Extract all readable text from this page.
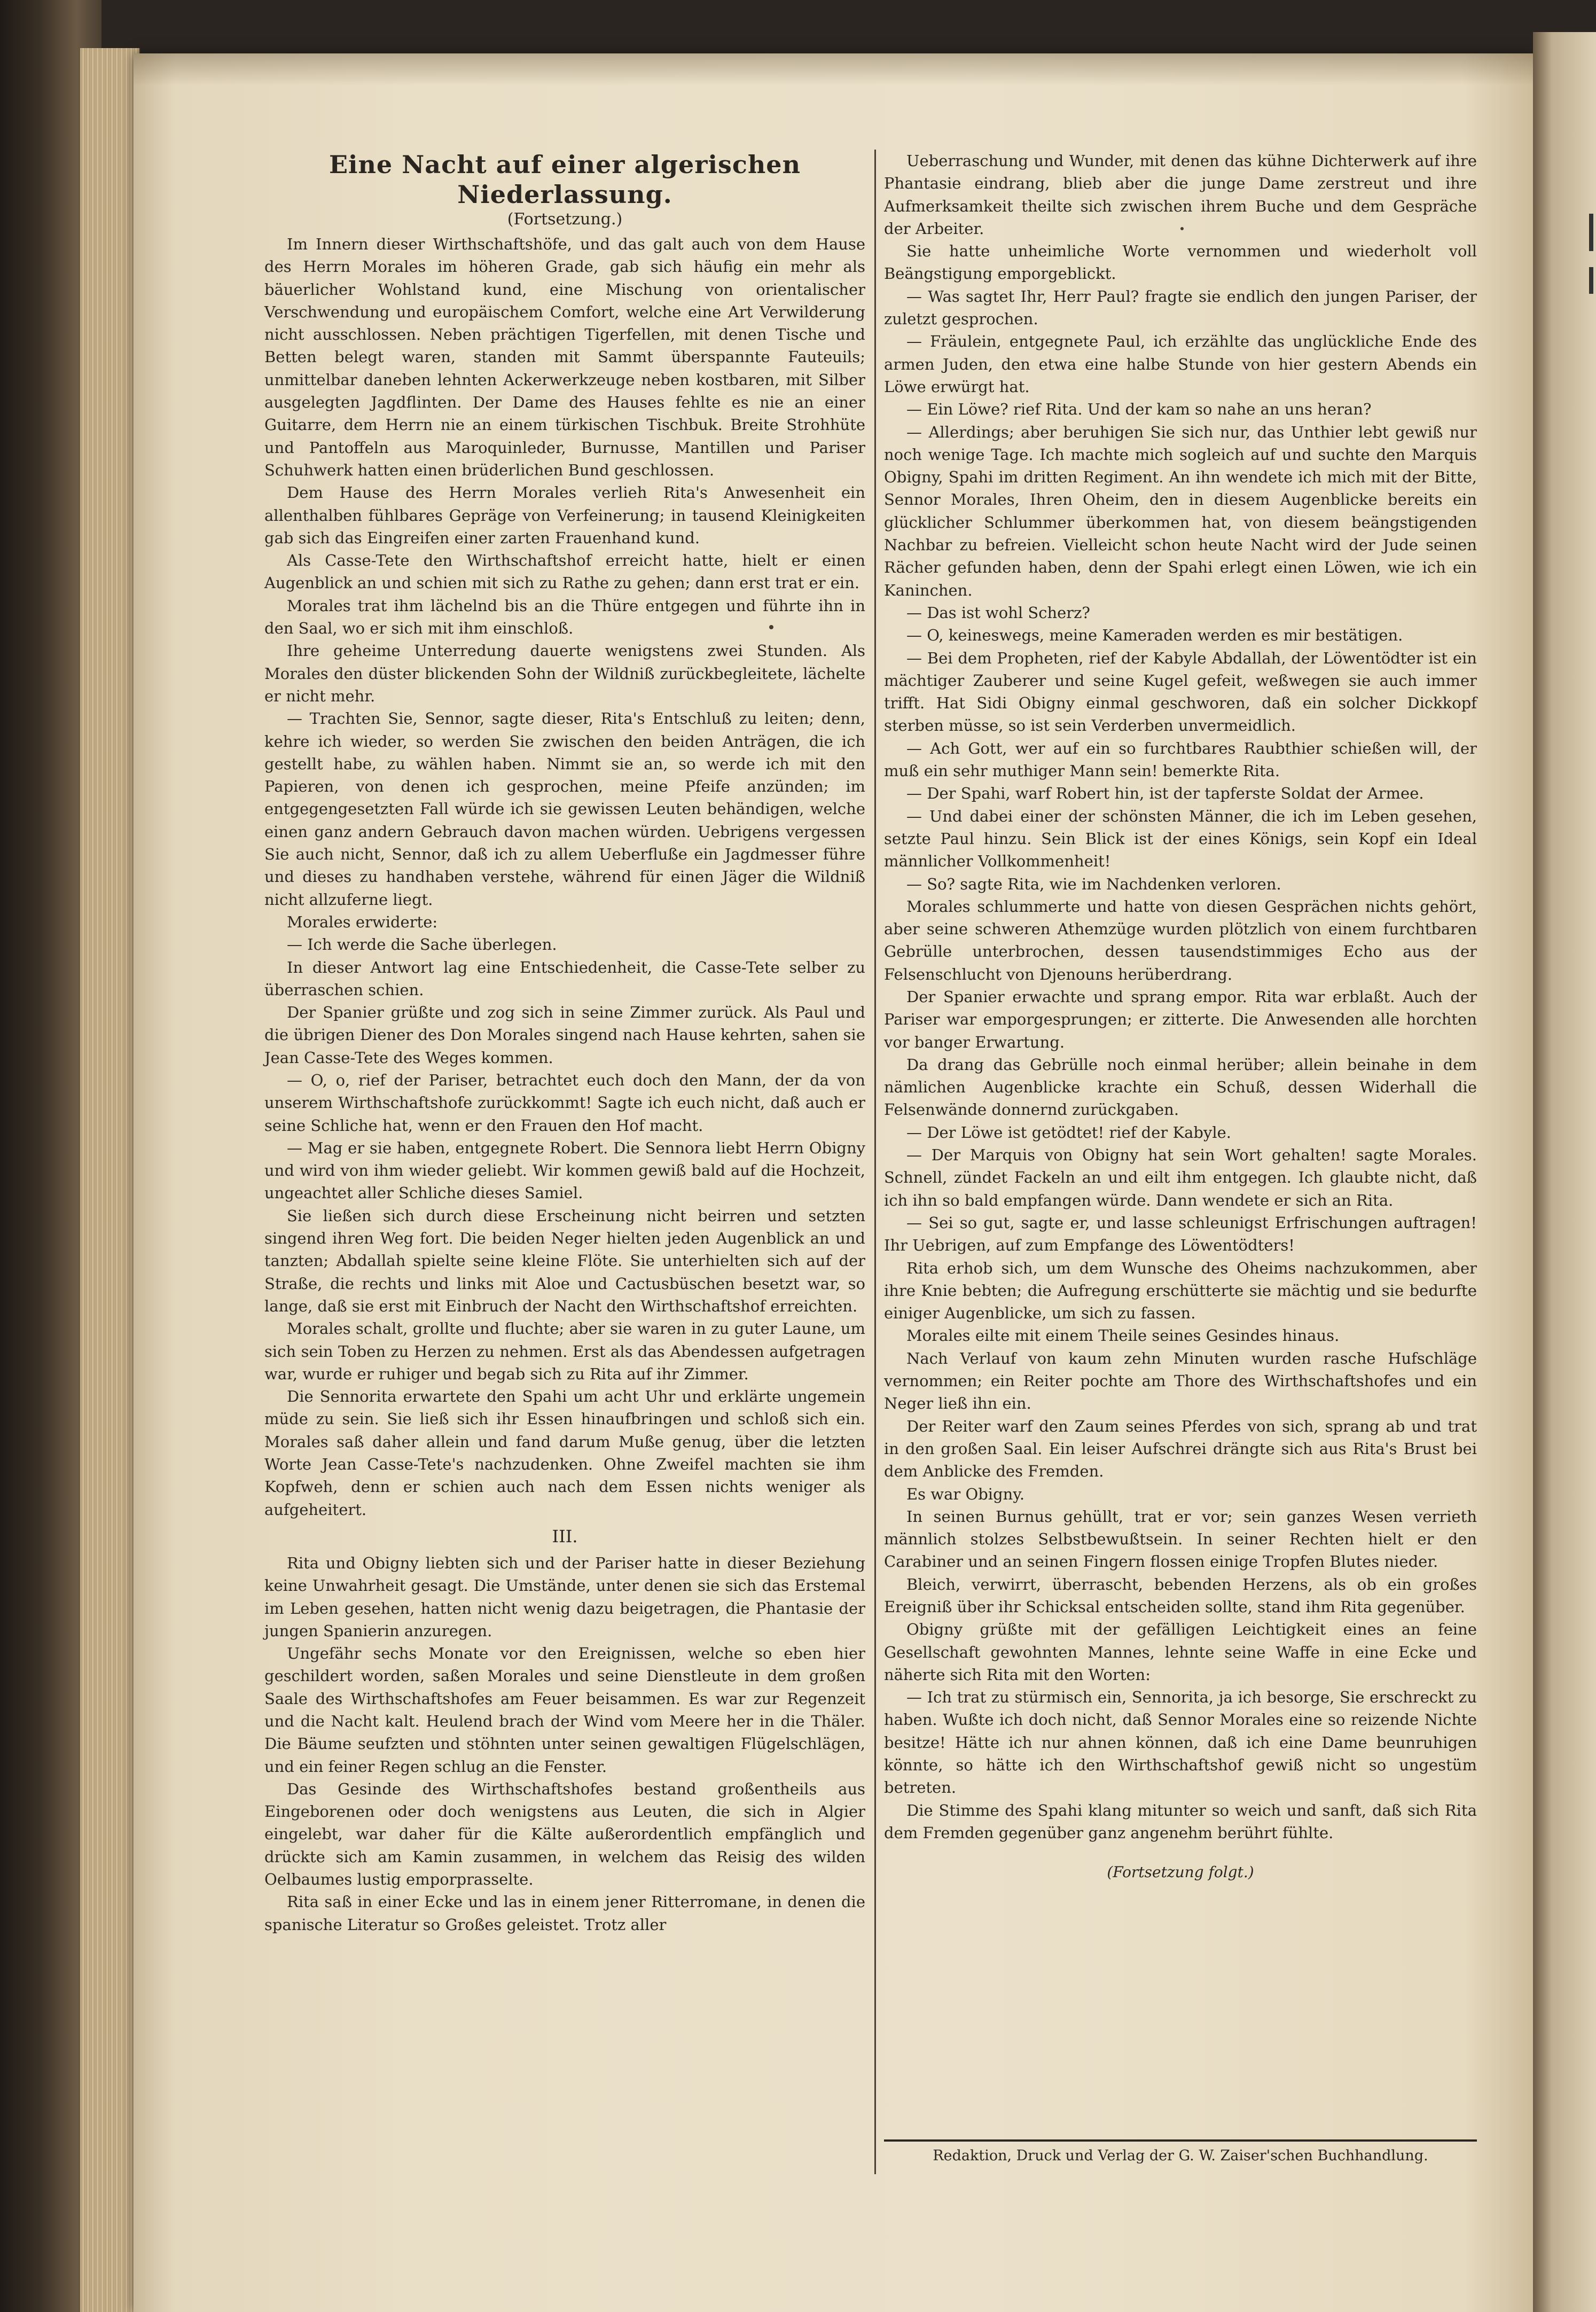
Eine Nacht auf einer algerischen Niederlassung.
(Fortsetzung.)

Im Innern dieser Wirthschaftshöfe, und das galt auch von dem Hause des Herrn Morales im höheren Grade, gab sich häufig ein mehr als bäuerlicher Wohlstand kund, eine Mischung von orientalischer Verschwendung und europäischem Comfort, welche eine Art Verwilderung nicht ausschlossen. Neben prächtigen Tigerfellen, mit denen Tische und Betten belegt waren, standen mit Sammt überspannte Fauteuils; unmittelbar daneben lehnten Ackerwerkzeuge neben kostbaren, mit Silber ausgelegten Jagdflinten. Der Dame des Hauses fehlte es nie an einer Guitarre, dem Herrn nie an einem türkischen Tischbuk. Breite Strohhüte und Pantoffeln aus Maroquinleder, Burnusse, Mantillen und Pariser Schuhwerk hatten einen brüderlichen Bund geschlossen.

Dem Hause des Herrn Morales verlieh Rita's Anwesenheit ein allenthalben fühlbares Gepräge von Verfeinerung; in tausend Kleinigkeiten gab sich das Eingreifen einer zarten Frauenhand kund.

Als Casse-Tete den Wirthschaftshof erreicht hatte, hielt er einen Augenblick an und schien mit sich zu Rathe zu gehen; dann erst trat er ein.

Morales trat ihm lächelnd bis an die Thüre entgegen und führte ihn in den Saal, wo er sich mit ihm einschloß.

Ihre geheime Unterredung dauerte wenigstens zwei Stunden. Als Morales den düster blickenden Sohn der Wildniß zurückbegleitete, lächelte er nicht mehr.

— Trachten Sie, Sennor, sagte dieser, Rita's Entschluß zu leiten; denn, kehre ich wieder, so werden Sie zwischen den beiden Anträgen, die ich gestellt habe, zu wählen haben. Nimmt sie an, so werde ich mit den Papieren, von denen ich gesprochen, meine Pfeife anzünden; im entgegengesetzten Fall würde ich sie gewissen Leuten behändigen, welche einen ganz andern Gebrauch davon machen würden. Uebrigens vergessen Sie auch nicht, Sennor, daß ich zu allem Ueberfluße ein Jagdmesser führe und dieses zu handhaben verstehe, während für einen Jäger die Wildniß nicht allzuferne liegt.

Morales erwiderte:

— Ich werde die Sache überlegen.

In dieser Antwort lag eine Entschiedenheit, die Casse-Tete selber zu überraschen schien.

Der Spanier grüßte und zog sich in seine Zimmer zurück. Als Paul und die übrigen Diener des Don Morales singend nach Hause kehrten, sahen sie Jean Casse-Tete des Weges kommen.

— O, o, rief der Pariser, betrachtet euch doch den Mann, der da von unserem Wirthschaftshofe zurückkommt! Sagte ich euch nicht, daß auch er seine Schliche hat, wenn er den Frauen den Hof macht.

— Mag er sie haben, entgegnete Robert. Die Sennora liebt Herrn Obigny und wird von ihm wieder geliebt. Wir kommen gewiß bald auf die Hochzeit, ungeachtet aller Schliche dieses Samiel.

Sie ließen sich durch diese Erscheinung nicht beirren und setzten singend ihren Weg fort. Die beiden Neger hielten jeden Augenblick an und tanzten; Abdallah spielte seine kleine Flöte. Sie unterhielten sich auf der Straße, die rechts und links mit Aloe und Cactusbüschen besetzt war, so lange, daß sie erst mit Einbruch der Nacht den Wirthschaftshof erreichten.

Morales schalt, grollte und fluchte; aber sie waren in zu guter Laune, um sich sein Toben zu Herzen zu nehmen. Erst als das Abendessen aufgetragen war, wurde er ruhiger und begab sich zu Rita auf ihr Zimmer.

Die Sennorita erwartete den Spahi um acht Uhr und erklärte ungemein müde zu sein. Sie ließ sich ihr Essen hinaufbringen und schloß sich ein. Morales saß daher allein und fand darum Muße genug, über die letzten Worte Jean Casse-Tete's nachzudenken. Ohne Zweifel machten sie ihm Kopfweh, denn er schien auch nach dem Essen nichts weniger als aufgeheitert.

III.

Rita und Obigny liebten sich und der Pariser hatte in dieser Beziehung keine Unwahrheit gesagt. Die Umstände, unter denen sie sich das Erstemal im Leben gesehen, hatten nicht wenig dazu beigetragen, die Phantasie der jungen Spanierin anzuregen.

Ungefähr sechs Monate vor den Ereignissen, welche so eben hier geschildert worden, saßen Morales und seine Dienstleute in dem großen Saale des Wirthschaftshofes am Feuer beisammen. Es war zur Regenzeit und die Nacht kalt. Heulend brach der Wind vom Meere her in die Thäler. Die Bäume seufzten und stöhnten unter seinen gewaltigen Flügelschlägen, und ein feiner Regen schlug an die Fenster.

Das Gesinde des Wirthschaftshofes bestand großentheils aus Eingeborenen oder doch wenigstens aus Leuten, die sich in Algier eingelebt, war daher für die Kälte außerordentlich empfänglich und drückte sich am Kamin zusammen, in welchem das Reisig des wilden Oelbaumes lustig emporprasselte.

Rita saß in einer Ecke und las in einem jener Ritterromane, in denen die spanische Literatur so Großes geleistet. Trotz aller

Ueberraschung und Wunder, mit denen das kühne Dichterwerk auf ihre Phantasie eindrang, blieb aber die junge Dame zerstreut und ihre Aufmerksamkeit theilte sich zwischen ihrem Buche und dem Gespräche der Arbeiter.

Sie hatte unheimliche Worte vernommen und wiederholt voll Beängstigung emporgeblickt.

— Was sagtet Ihr, Herr Paul? fragte sie endlich den jungen Pariser, der zuletzt gesprochen.

— Fräulein, entgegnete Paul, ich erzählte das unglückliche Ende des armen Juden, den etwa eine halbe Stunde von hier gestern Abends ein Löwe erwürgt hat.

— Ein Löwe? rief Rita. Und der kam so nahe an uns heran?

— Allerdings; aber beruhigen Sie sich nur, das Unthier lebt gewiß nur noch wenige Tage. Ich machte mich sogleich auf und suchte den Marquis Obigny, Spahi im dritten Regiment. An ihn wendete ich mich mit der Bitte, Sennor Morales, Ihren Oheim, den in diesem Augenblicke bereits ein glücklicher Schlummer überkommen hat, von diesem beängstigenden Nachbar zu befreien. Vielleicht schon heute Nacht wird der Jude seinen Rächer gefunden haben, denn der Spahi erlegt einen Löwen, wie ich ein Kaninchen.

— Das ist wohl Scherz?

— O, keineswegs, meine Kameraden werden es mir bestätigen.

— Bei dem Propheten, rief der Kabyle Abdallah, der Löwentödter ist ein mächtiger Zauberer und seine Kugel gefeit, weßwegen sie auch immer trifft. Hat Sidi Obigny einmal geschworen, daß ein solcher Dickkopf sterben müsse, so ist sein Verderben unvermeidlich.

— Ach Gott, wer auf ein so furchtbares Raubthier schießen will, der muß ein sehr muthiger Mann sein! bemerkte Rita.

— Der Spahi, warf Robert hin, ist der tapferste Soldat der Armee.

— Und dabei einer der schönsten Männer, die ich im Leben gesehen, setzte Paul hinzu. Sein Blick ist der eines Königs, sein Kopf ein Ideal männlicher Vollkommenheit!

— So? sagte Rita, wie im Nachdenken verloren.

Morales schlummerte und hatte von diesen Gesprächen nichts gehört, aber seine schweren Athemzüge wurden plötzlich von einem furchtbaren Gebrülle unterbrochen, dessen tausendstimmiges Echo aus der Felsenschlucht von Djenouns herüberdrang.

Der Spanier erwachte und sprang empor. Rita war erblaßt. Auch der Pariser war emporgesprungen; er zitterte. Die Anwesenden alle horchten vor banger Erwartung.

Da drang das Gebrülle noch einmal herüber; allein beinahe in dem nämlichen Augenblicke krachte ein Schuß, dessen Widerhall die Felsenwände donnernd zurückgaben.

— Der Löwe ist getödtet! rief der Kabyle.

— Der Marquis von Obigny hat sein Wort gehalten! sagte Morales. Schnell, zündet Fackeln an und eilt ihm entgegen. Ich glaubte nicht, daß ich ihn so bald empfangen würde. Dann wendete er sich an Rita.

— Sei so gut, sagte er, und lasse schleunigst Erfrischungen auftragen! Ihr Uebrigen, auf zum Empfange des Löwentödters!

Rita erhob sich, um dem Wunsche des Oheims nachzukommen, aber ihre Knie bebten; die Aufregung erschütterte sie mächtig und sie bedurfte einiger Augenblicke, um sich zu fassen.

Morales eilte mit einem Theile seines Gesindes hinaus.

Nach Verlauf von kaum zehn Minuten wurden rasche Hufschläge vernommen; ein Reiter pochte am Thore des Wirthschaftshofes und ein Neger ließ ihn ein.

Der Reiter warf den Zaum seines Pferdes von sich, sprang ab und trat in den großen Saal. Ein leiser Aufschrei drängte sich aus Rita's Brust bei dem Anblicke des Fremden.

Es war Obigny.

In seinen Burnus gehüllt, trat er vor; sein ganzes Wesen verrieth männlich stolzes Selbstbewußtsein. In seiner Rechten hielt er den Carabiner und an seinen Fingern flossen einige Tropfen Blutes nieder.

Bleich, verwirrt, überrascht, bebenden Herzens, als ob ein großes Ereigniß über ihr Schicksal entscheiden sollte, stand ihm Rita gegenüber.

Obigny grüßte mit der gefälligen Leichtigkeit eines an feine Gesellschaft gewohnten Mannes, lehnte seine Waffe in eine Ecke und näherte sich Rita mit den Worten:

— Ich trat zu stürmisch ein, Sennorita, ja ich besorge, Sie erschreckt zu haben. Wußte ich doch nicht, daß Sennor Morales eine so reizende Nichte besitze! Hätte ich nur ahnen können, daß ich eine Dame beunruhigen könnte, so hätte ich den Wirthschaftshof gewiß nicht so ungestüm betreten.

Die Stimme des Spahi klang mitunter so weich und sanft, daß sich Rita dem Fremden gegenüber ganz angenehm berührt fühlte.

(Fortsetzung folgt.)
Redaktion, Druck und Verlag der G. W. Zaiser'schen Buchhandlung.
